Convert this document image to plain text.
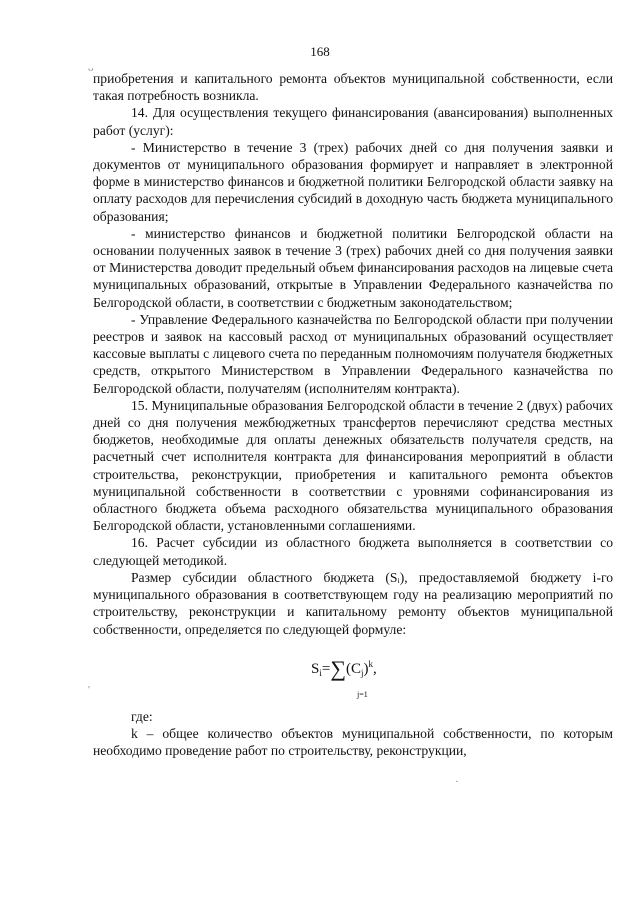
168
ᴗ
'
·

приобретения и капитального ремонта объектов муниципальной собственности, если такая потребность возникла.

14. Для осуществления текущего финансирования (авансирования) выполненных работ (услуг):

- Министерство в течение 3 (трех) рабочих дней со дня получения заявки и документов от муниципального образования формирует и направляет в электронной форме в министерство финансов и бюджетной политики Белгородской области заявку на оплату расходов для перечисления субсидий в доходную часть бюджета муниципального образования;

- министерство финансов и бюджетной политики Белгородской области на основании полученных заявок в течение 3 (трех) рабочих дней со дня получения заявки от Министерства доводит предельный объем финансирования расходов на лицевые счета муниципальных образований, открытые в Управлении Федерального казначейства по Белгородской области, в соответствии с бюджетным законодательством;

- Управление Федерального казначейства по Белгородской области при получении реестров и заявок на кассовый расход от муниципальных образований осуществляет кассовые выплаты с лицевого счета по переданным полномочиям получателя бюджетных средств, открытого Министерством в Управлении Федерального казначейства по Белгородской области, получателям (исполнителям контракта).

15. Муниципальные образования Белгородской области в течение 2 (двух) рабочих дней со дня получения межбюджетных трансфертов перечисляют средства местных бюджетов, необходимые для оплаты денежных обязательств получателя средств, на расчетный счет исполнителя контракта для финансирования мероприятий в области строительства, реконструкции, приобретения и капитального ремонта объектов муниципальной собственности в соответствии с уровнями софинансирования из областного бюджета объема расходного обязательства муниципального образования Белгородской области, установленными соглашениями.

16. Расчет субсидии из областного бюджета выполняется в соответствии со следующей методикой.

Размер субсидии областного бюджета (Sᵢ), предоставляемой бюджету i-го муниципального образования в соответствующем году на реализацию мероприятий по строительству, реконструкции и капитальному ремонту объектов муниципальной собственности, определяется по следующей формуле:

$S_i=\sum(C_j)^k$,
j=1

где:

k – общее количество объектов муниципальной собственности, по которым необходимо проведение работ по строительству, реконструкции,
